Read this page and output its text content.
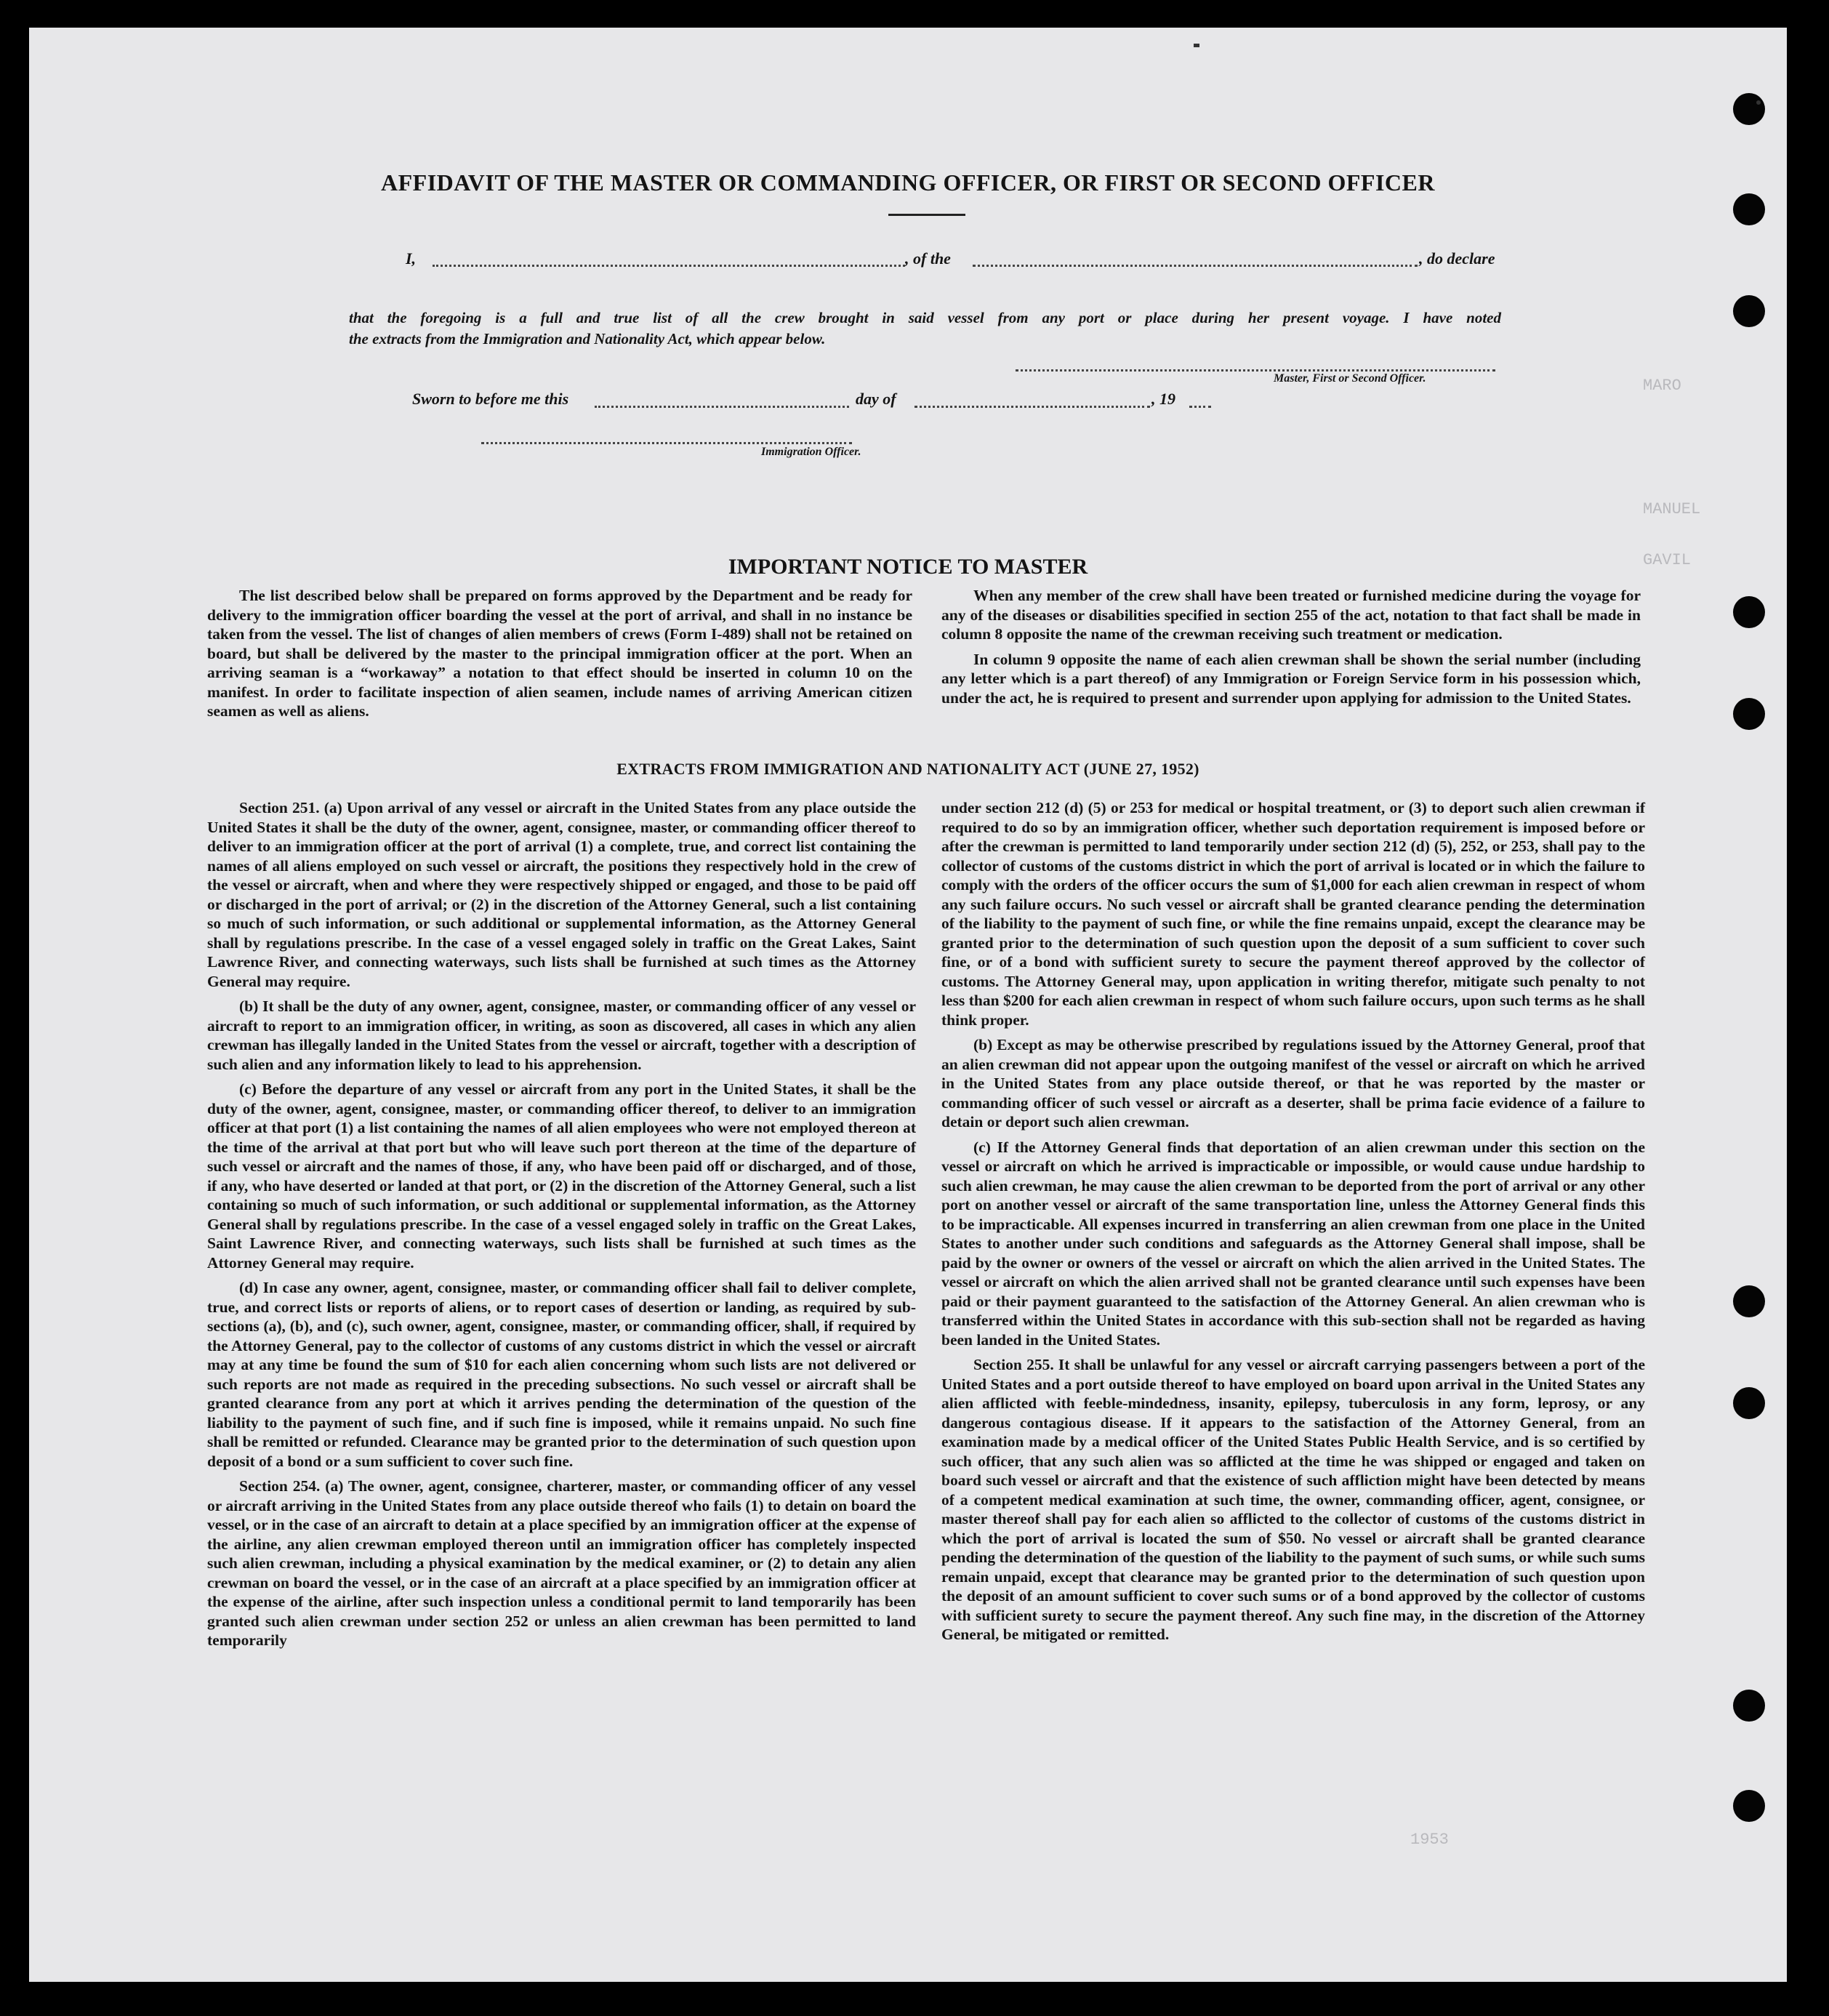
MARO
MANUEL
GAVIL
1953
AFFIDAVIT OF THE MASTER OR COMMANDING OFFICER, OR FIRST OR SECOND OFFICER
I,	, of the	, do declare
that the foregoing is a full and true list of all the crew brought in said vessel from any port or place during her present voyage. I have noted
the extracts from the Immigration and Nationality Act, which appear below.
Master, First or Second Officer.
Sworn to before me this	day of	, 19
Immigration Officer.
IMPORTANT NOTICE TO MASTER

The list described below shall be prepared on forms approved by the Department and be ready for delivery to the immigration officer boarding the vessel at the port of arrival, and shall in no instance be taken from the vessel. The list of changes of alien members of crews (Form I-489) shall not be retained on board, but shall be delivered by the master to the principal immigration officer at the port. When an arriving seaman is a “workaway” a notation to that effect should be inserted in column 10 on the manifest. In order to facilitate inspection of alien seamen, include names of arriving American citizen seamen as well as aliens.

When any member of the crew shall have been treated or furnished medicine during the voyage for any of the diseases or disabilities specified in section 255 of the act, notation to that fact shall be made in column 8 opposite the name of the crewman receiving such treatment or medication.

In column 9 opposite the name of each alien crewman shall be shown the serial number (including any letter which is a part thereof) of any Immigration or Foreign Service form in his possession which, under the act, he is required to present and surrender upon applying for admission to the United States.

EXTRACTS FROM IMMIGRATION AND NATIONALITY ACT (JUNE 27, 1952)

Section 251. (a) Upon arrival of any vessel or aircraft in the United States from any place outside the United States it shall be the duty of the owner, agent, consignee, master, or commanding officer thereof to deliver to an immigration officer at the port of arrival (1) a complete, true, and correct list containing the names of all aliens employed on such vessel or aircraft, the positions they respectively hold in the crew of the vessel or aircraft, when and where they were respectively shipped or engaged, and those to be paid off or discharged in the port of arrival; or (2) in the discretion of the Attorney General, such a list containing so much of such information, or such additional or supplemental information, as the Attorney General shall by regulations prescribe. In the case of a vessel engaged solely in traffic on the Great Lakes, Saint Lawrence River, and connecting waterways, such lists shall be furnished at such times as the Attorney General may require.

(b) It shall be the duty of any owner, agent, consignee, master, or commanding officer of any vessel or aircraft to report to an immigration officer, in writing, as soon as discovered, all cases in which any alien crewman has illegally landed in the United States from the vessel or aircraft, together with a description of such alien and any information likely to lead to his apprehension.

(c) Before the departure of any vessel or aircraft from any port in the United States, it shall be the duty of the owner, agent, consignee, master, or commanding officer thereof, to deliver to an immigration officer at that port (1) a list containing the names of all alien employees who were not employed thereon at the time of the arrival at that port but who will leave such port thereon at the time of the departure of such vessel or aircraft and the names of those, if any, who have been paid off or discharged, and of those, if any, who have deserted or landed at that port, or (2) in the discretion of the Attorney General, such a list containing so much of such information, or such additional or supplemental information, as the Attorney General shall by regulations prescribe. In the case of a vessel engaged solely in traffic on the Great Lakes, Saint Lawrence River, and connecting waterways, such lists shall be furnished at such times as the Attorney General may require.

(d) In case any owner, agent, consignee, master, or commanding officer shall fail to deliver complete, true, and correct lists or reports of aliens, or to report cases of desertion or landing, as required by sub-sections (a), (b), and (c), such owner, agent, consignee, master, or commanding officer, shall, if required by the Attorney General, pay to the collector of customs of any customs district in which the vessel or aircraft may at any time be found the sum of $10 for each alien concerning whom such lists are not delivered or such reports are not made as required in the preceding subsections. No such vessel or aircraft shall be granted clearance from any port at which it arrives pending the determination of the question of the liability to the payment of such fine, and if such fine is imposed, while it remains unpaid. No such fine shall be remitted or refunded. Clearance may be granted prior to the determination of such question upon deposit of a bond or a sum sufficient to cover such fine.

Section 254. (a) The owner, agent, consignee, charterer, master, or commanding officer of any vessel or aircraft arriving in the United States from any place outside thereof who fails (1) to detain on board the vessel, or in the case of an aircraft to detain at a place specified by an immigration officer at the expense of the airline, any alien crewman employed thereon until an immigration officer has completely inspected such alien crewman, including a physical examination by the medical examiner, or (2) to detain any alien crewman on board the vessel, or in the case of an aircraft at a place specified by an immigration officer at the expense of the airline, after such inspection unless a conditional permit to land temporarily has been granted such alien crewman under section 252 or unless an alien crewman has been permitted to land temporarily

under section 212 (d) (5) or 253 for medical or hospital treatment, or (3) to deport such alien crewman if required to do so by an immigration officer, whether such deportation requirement is imposed before or after the crewman is permitted to land temporarily under section 212 (d) (5), 252, or 253, shall pay to the collector of customs of the customs district in which the port of arrival is located or in which the failure to comply with the orders of the officer occurs the sum of $1,000 for each alien crewman in respect of whom any such failure occurs. No such vessel or aircraft shall be granted clearance pending the determination of the liability to the payment of such fine, or while the fine remains unpaid, except the clearance may be granted prior to the determination of such question upon the deposit of a sum sufficient to cover such fine, or of a bond with sufficient surety to secure the payment thereof approved by the collector of customs. The Attorney General may, upon application in writing therefor, mitigate such penalty to not less than $200 for each alien crewman in respect of whom such failure occurs, upon such terms as he shall think proper.

(b) Except as may be otherwise prescribed by regulations issued by the Attorney General, proof that an alien crewman did not appear upon the outgoing manifest of the vessel or aircraft on which he arrived in the United States from any place outside thereof, or that he was reported by the master or commanding officer of such vessel or aircraft as a deserter, shall be prima facie evidence of a failure to detain or deport such alien crewman.

(c) If the Attorney General finds that deportation of an alien crewman under this section on the vessel or aircraft on which he arrived is impracticable or impossible, or would cause undue hardship to such alien crewman, he may cause the alien crewman to be deported from the port of arrival or any other port on another vessel or aircraft of the same transportation line, unless the Attorney General finds this to be impracticable. All expenses incurred in transferring an alien crewman from one place in the United States to another under such conditions and safeguards as the Attorney General shall impose, shall be paid by the owner or owners of the vessel or aircraft on which the alien arrived in the United States. The vessel or aircraft on which the alien arrived shall not be granted clearance until such expenses have been paid or their payment guaranteed to the satisfaction of the Attorney General. An alien crewman who is transferred within the United States in accordance with this sub-section shall not be regarded as having been landed in the United States.

Section 255. It shall be unlawful for any vessel or aircraft carrying passengers between a port of the United States and a port outside thereof to have employed on board upon arrival in the United States any alien afflicted with feeble-mindedness, insanity, epilepsy, tuberculosis in any form, leprosy, or any dangerous contagious disease. If it appears to the satisfaction of the Attorney General, from an examination made by a medical officer of the United States Public Health Service, and is so certified by such officer, that any such alien was so afflicted at the time he was shipped or engaged and taken on board such vessel or aircraft and that the existence of such affliction might have been detected by means of a competent medical examination at such time, the owner, commanding officer, agent, consignee, or master thereof shall pay for each alien so afflicted to the collector of customs of the customs district in which the port of arrival is located the sum of $50. No vessel or aircraft shall be granted clearance pending the determination of the question of the liability to the payment of such sums, or while such sums remain unpaid, except that clearance may be granted prior to the determination of such question upon the deposit of an amount sufficient to cover such sums or of a bond approved by the collector of customs with sufficient surety to secure the payment thereof. Any such fine may, in the discretion of the Attorney General, be mitigated or remitted.
